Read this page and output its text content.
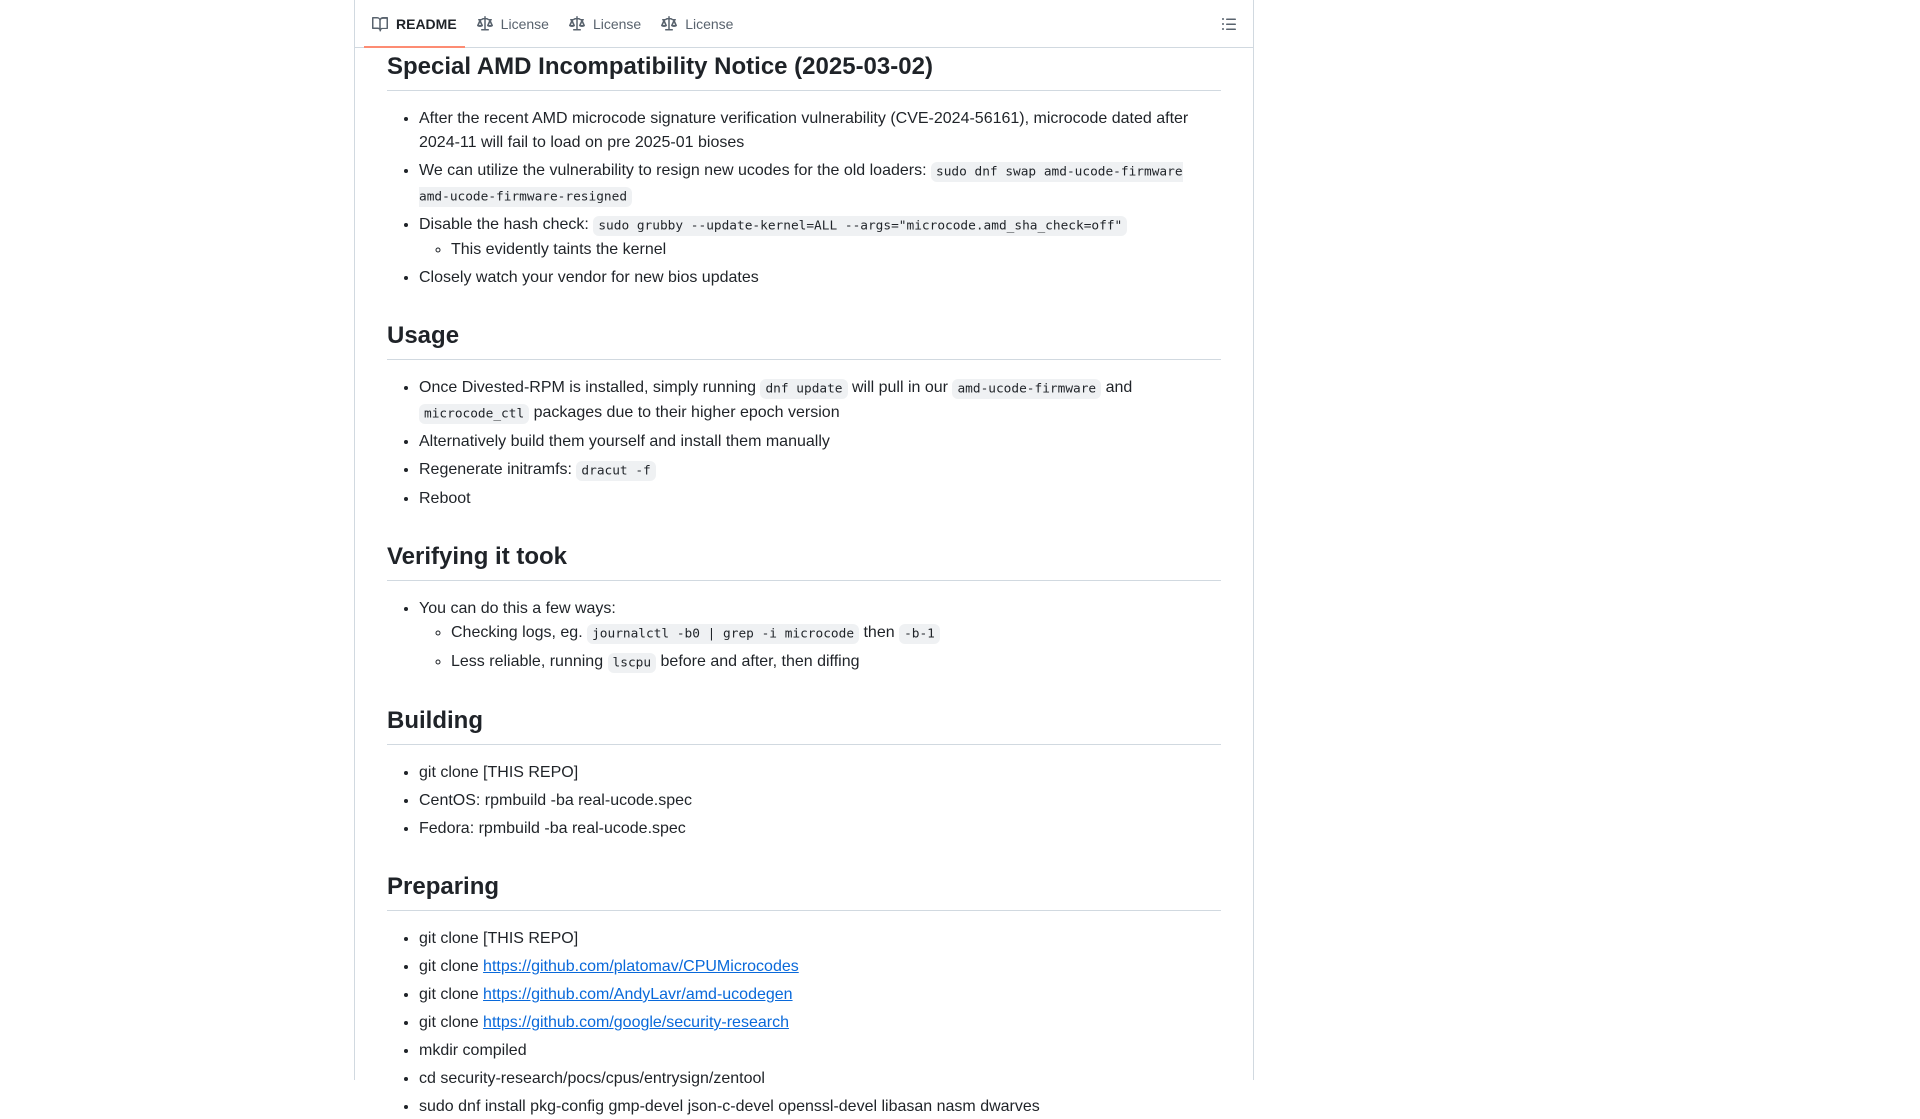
README	License	License	License
Special AMD Incompatibility Notice (2025-03-02)
• After the recent AMD microcode signature verification vulnerability (CVE-2024-56161), microcode dated after 2024-11 will fail to load on pre 2025-01 bioses
• We can utilize the vulnerability to resign new ucodes for the old loaders: sudo dnf swap amd-ucode-firmware amd-ucode-firmware-resigned
• Disable the hash check: sudo grubby --update-kernel=ALL --args="microcode.amd_sha_check=off"
◦ This evidently taints the kernel
• Closely watch your vendor for new bios updates
Usage
• Once Divested-RPM is installed, simply running dnf update will pull in our amd-ucode-firmware and microcode_ctl packages due to their higher epoch version
• Alternatively build them yourself and install them manually
• Regenerate initramfs: dracut -f
• Reboot
Verifying it took
• You can do this a few ways:
◦ Checking logs, eg. journalctl -b0 | grep -i microcode then -b-1
◦ Less reliable, running lscpu before and after, then diffing
Building
• git clone [THIS REPO]
• CentOS: rpmbuild -ba real-ucode.spec
• Fedora: rpmbuild -ba real-ucode.spec
Preparing
• git clone [THIS REPO]
• git clone https://github.com/platomav/CPUMicrocodes
• git clone https://github.com/AndyLavr/amd-ucodegen
• git clone https://github.com/google/security-research
• mkdir compiled
• cd security-research/pocs/cpus/entrysign/zentool
• sudo dnf install pkg-config gmp-devel json-c-devel openssl-devel libasan nasm dwarves
